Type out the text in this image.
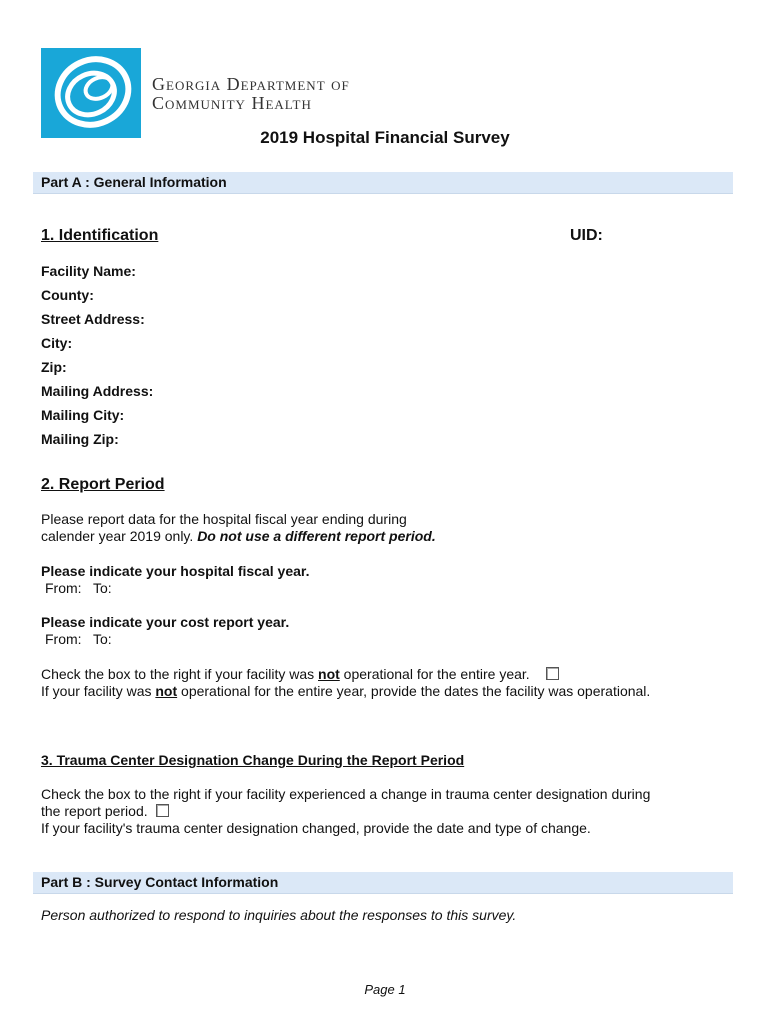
Georgia Department of
Community Health
2019 Hospital Financial Survey
Part A : General Information
1. Identification	UID:
Facility Name:
County:
Street Address:
City:
Zip:
Mailing Address:
Mailing City:
Mailing Zip:
2. Report Period
Please report data for the hospital fiscal year ending during
calender year 2019 only. Do not use a different report period.
Please indicate your hospital fiscal year.
From:   To:
Please indicate your cost report year.
From:   To:
Check the box to the right if your facility was not operational for the entire year.
If your facility was not operational for the entire year, provide the dates the facility was operational.
3. Trauma Center Designation Change During the Report Period
Check the box to the right if your facility experienced a change in trauma center designation during
the report period.
If your facility's trauma center designation changed, provide the date and type of change.
Part B : Survey Contact Information
Person authorized to respond to inquiries about the responses to this survey.
Page 1
